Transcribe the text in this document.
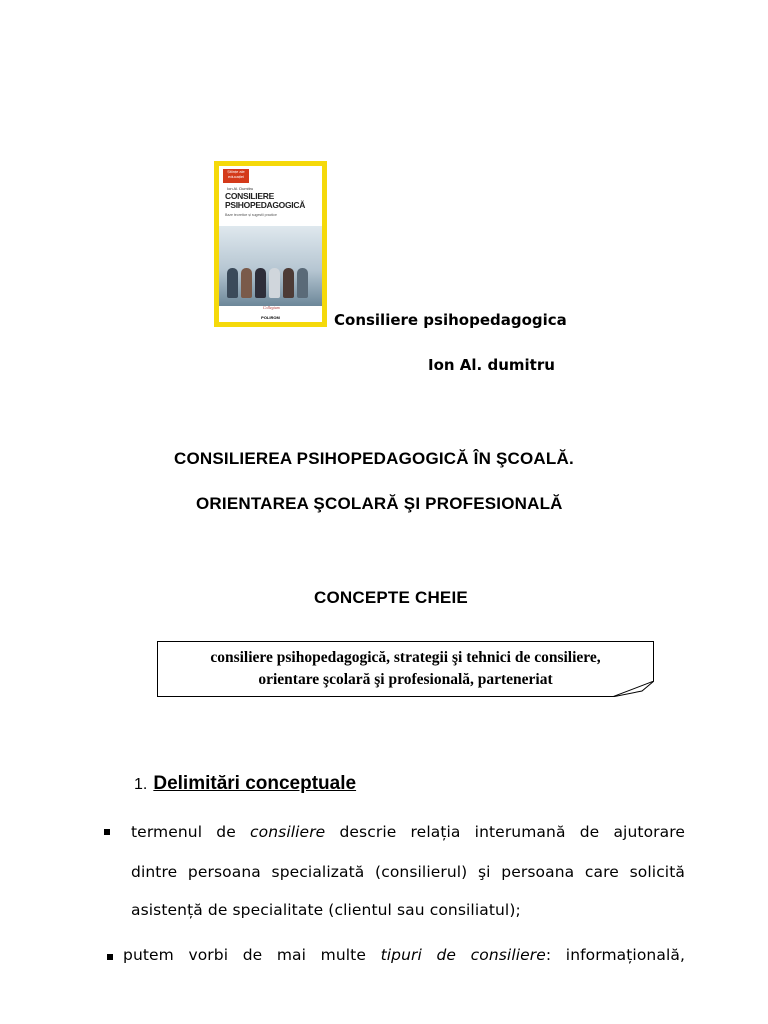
Științe ale educației
Ion Al. Dumitru
CONSILIERE
PSIHOPEDAGOGICĂ
Baze teoretice și sugestii practice
Collegium
POLIROM	Consiliere psihopedagogica
Ion Al. dumitru
CONSILIEREA PSIHOPEDAGOGICĂ ÎN ŞCOALĂ.
ORIENTAREA ŞCOLARĂ ŞI PROFESIONALĂ
CONCEPTE CHEIE
consiliere psihopedagogică, strategii şi tehnici de consiliere,
orientare şcolară şi profesională, parteneriat
1. Delimitări conceptuale
termenul de consiliere descrie relația interumană de ajutorare
dintre persoana specializată (consilierul) şi persoana care solicită
asistență de specialitate (clientul sau consiliatul);
putem vorbi de mai multe tipuri de consiliere: informațională,
